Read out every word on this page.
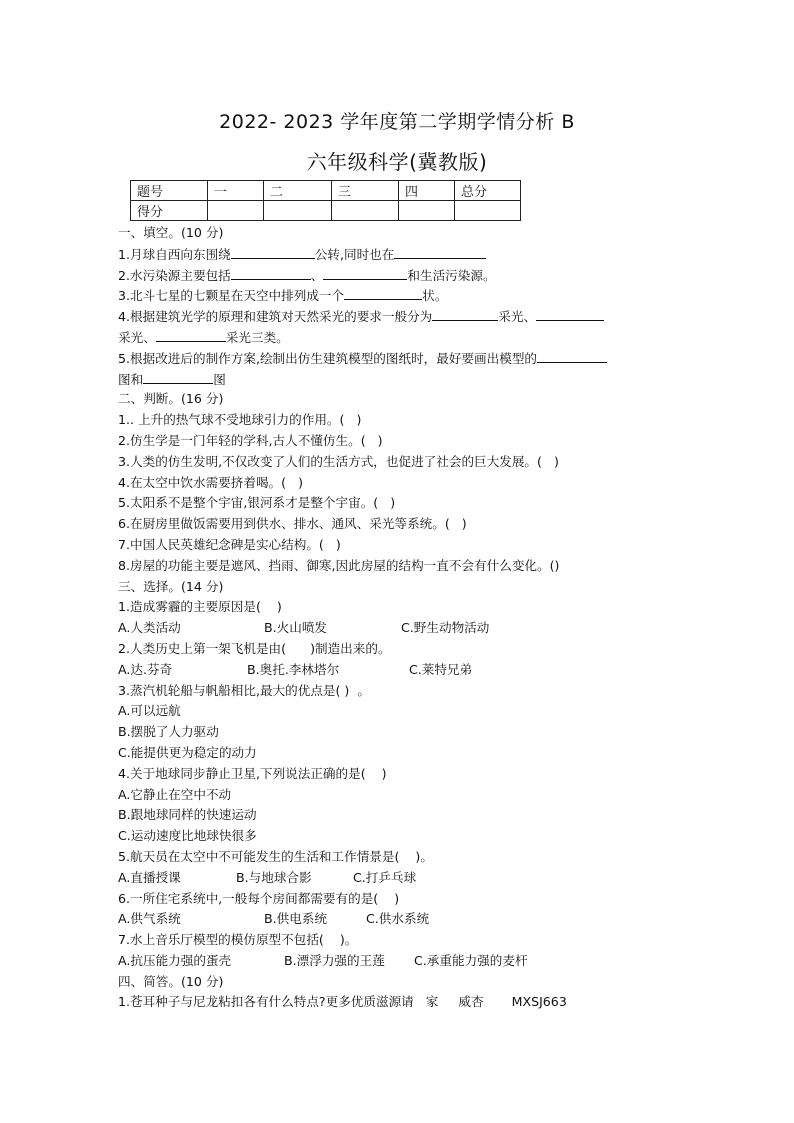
2022- 2023 学年度第二学期学情分析 B
六年级科学(冀教版)
题号	一	二	三	四	总分
得分					
一、填空。(10 分)
1.月球自西向东围绕	公转,同时也在
2.水污染源主要包括	、	和生活污染源。
3.北斗七星的七颗星在天空中排列成一个	状。
4.根据建筑光学的原理和建筑对天然采光的要求一般分为	采光、
采光、	采光三类。
5.根据改进后的制作方案,绘制出仿生建筑模型的图纸时，最好要画出模型的
图和	图
二、判断。(16 分)
1.. 上升的热气球不受地球引力的作用。(   )
2.仿生学是一门年轻的学科,古人不懂仿生。(   )
3.人类的仿生发明,不仅改变了人们的生活方式，也促进了社会的巨大发展。(   )
4.在太空中饮水需要挤着喝。(   )
5.太阳系不是整个宇宙,银河系才是整个宇宙。(   )
6.在厨房里做饭需要用到供水、排水、通风、采光等系统。(   )
7.中国人民英雄纪念碑是实心结构。(   )
8.房屋的功能主要是遮风、挡雨、御寒,因此房屋的结构一直不会有什么变化。()
三、选择。(14 分)
1.造成雾霾的主要原因是(    )
A.人类活动	B.火山喷发	C.野生动物活动
2.人类历史上第一架飞机是由(      )制造出来的。
A.达.芬奇	B.奥托.李林塔尔	C.莱特兄弟
3.蒸汽机轮船与帆船相比,最大的优点是( )  。
A.可以远航
B.摆脱了人力驱动
C.能提供更为稳定的动力
4.关于地球同步静止卫星,下列说法正确的是(    )
A.它静止在空中不动
B.跟地球同样的快速运动
C.运动速度比地球快很多
5.航天员在太空中不可能发生的生活和工作情景是(    )。
A.直播授课	B.与地球合影	C.打乒乓球
6.一所住宅系统中,一般每个房间都需要有的是(    )
A.供气系统	B.供电系统	C.供水系统
7.水上音乐厅模型的模仿原型不包括(    )。
A.抗压能力强的蛋壳	B.漂浮力强的王莲	C.承重能力强的麦杆
四、简答。(10 分)
1.苍耳种子与尼龙粘扣各有什么特点?更多优质滋源请   家     威杏       MXSJ663
